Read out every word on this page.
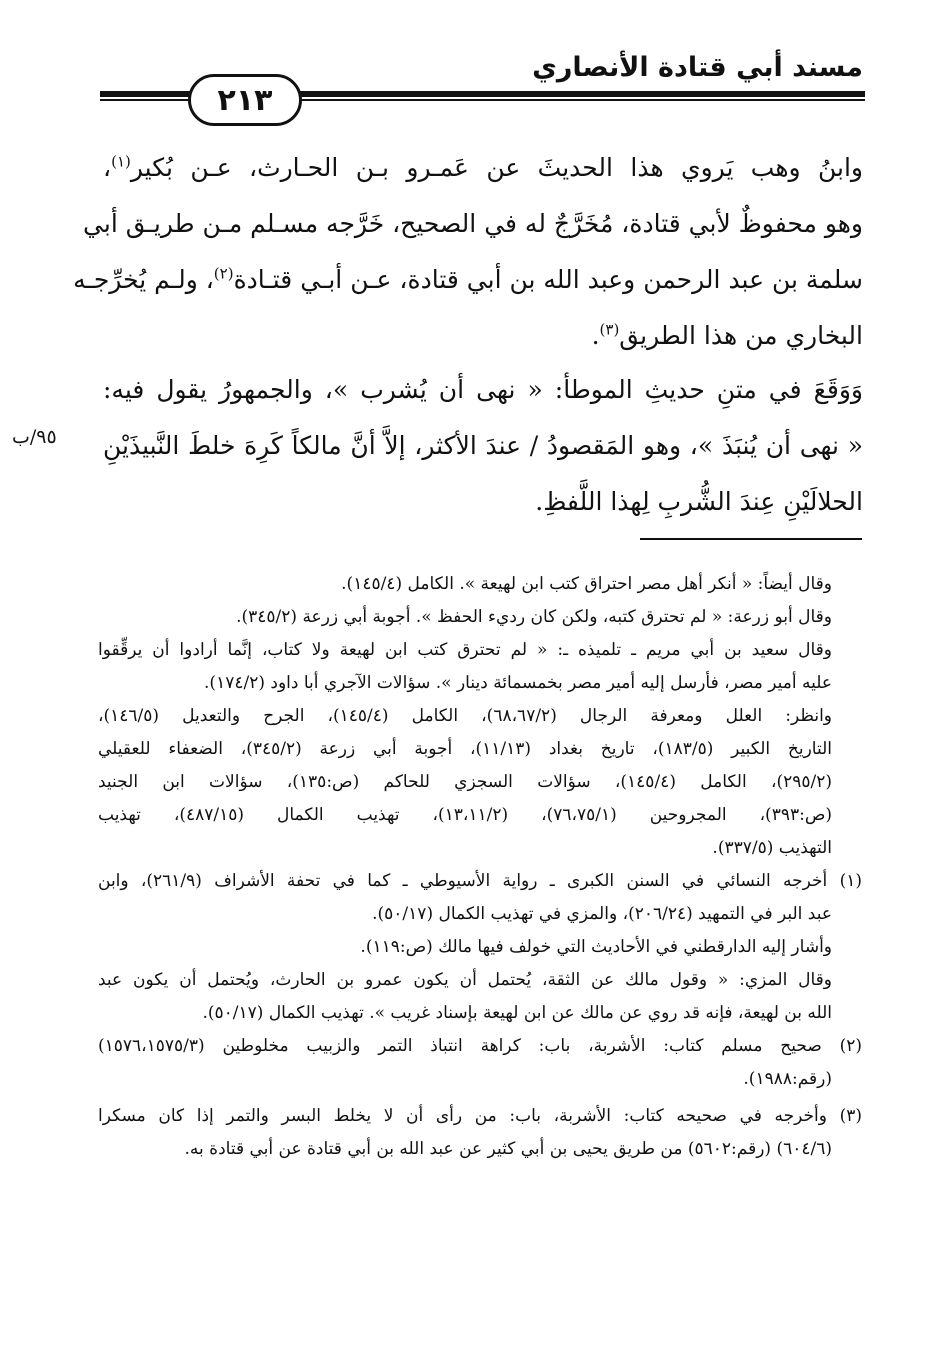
مسند أبي قتادة الأنصاري
٢١٣
وابنُ وهب يَروي هذا الحديثَ عن عَمـرو بـن الحـارث، عـن بُكير$^{(١)}$،
وهو محفوظٌ لأبي قتادة، مُخَرَّجٌ له في الصحيح، خَرَّجه مسـلم مـن طريـق أبي
سلمة بن عبد الرحمن وعبد الله بن أبي قتادة، عـن أبـي قتـادة$^{(٢)}$، ولـم يُخرِّجـه
البخاري من هذا الطريق$^{(٣)}$.
وَوَقَعَ في متنِ حديثِ الموطأ: « نهى أن يُشرب »، والجمهورُ يقول فيه:
« نهى أن يُنبَذَ »، وهو المَقصودُ / عندَ الأكثر، إلاَّ أنَّ مالكاً كَرِهَ خلطَ النَّبيذَيْنِ
الحلالَيْنِ عِندَ الشُّربِ لِهذا اللَّفظِ.
٩٥/ب
وقال أيضاً: « أنكر أهل مصر احتراق كتب ابن لهيعة ». الكامل (١٤٥/٤).
وقال أبو زرعة: « لم تحترق كتبه، ولكن كان رديء الحفظ ». أجوبة أبي زرعة (٣٤٥/٢).
وقال سعيد بن أبي مريم ـ تلميذه ـ: « لم تحترق كتب ابن لهيعة ولا كتاب، إنَّما أرادوا أن يرقِّقوا
عليه أمير مصر، فأرسل إليه أمير مصر بخمسمائة دينار ». سؤالات الآجري أبا داود (١٧٤/٢).
وانظر: العلل ومعرفة الرجال (٦٨،٦٧/٢)، الكامل (١٤٥/٤)، الجرح والتعديل (١٤٦/٥)،
التاريخ الكبير (١٨٣/٥)، تاريخ بغداد (١١/١٣)، أجوبة أبي زرعة (٣٤٥/٢)، الضعفاء للعقيلي
(٢٩٥/٢)، الكامل (١٤٥/٤)، سؤالات السجزي للحاكم (ص:١٣٥)، سؤالات ابن الجنيد
(ص:٣٩٣)، المجروحين (٧٦،٧٥/١)، (١٣،١١/٢)، تهذيب الكمال (٤٨٧/١٥)، تهذيب
التهذيب (٣٣٧/٥).
(١) أخرجه النسائي في السنن الكبرى ـ رواية الأسيوطي ـ كما في تحفة الأشراف (٢٦١/٩)، وابن
عبد البر في التمهيد (٢٠٦/٢٤)، والمزي في تهذيب الكمال (٥٠/١٧).
وأشار إليه الدارقطني في الأحاديث التي خولف فيها مالك (ص:١١٩).
وقال المزي: « وقول مالك عن الثقة، يُحتمل أن يكون عمرو بن الحارث، ويُحتمل أن يكون عبد
الله بن لهيعة، فإنه قد روي عن مالك عن ابن لهيعة بإسناد غريب ». تهذيب الكمال (٥٠/١٧).
(٢) صحيح مسلم كتاب: الأشربة، باب: كراهة انتباذ التمر والزبيب مخلوطين (١٥٧٦،١٥٧٥/٣)
(رقم:١٩٨٨).
(٣) وأخرجه في صحيحه كتاب: الأشربة، باب: من رأى أن لا يخلط البسر والتمر إذا كان مسكرا
(٦٠٤/٦) (رقم:٥٦٠٢) من طريق يحيى بن أبي كثير عن عبد الله بن أبي قتادة عن أبي قتادة به.
